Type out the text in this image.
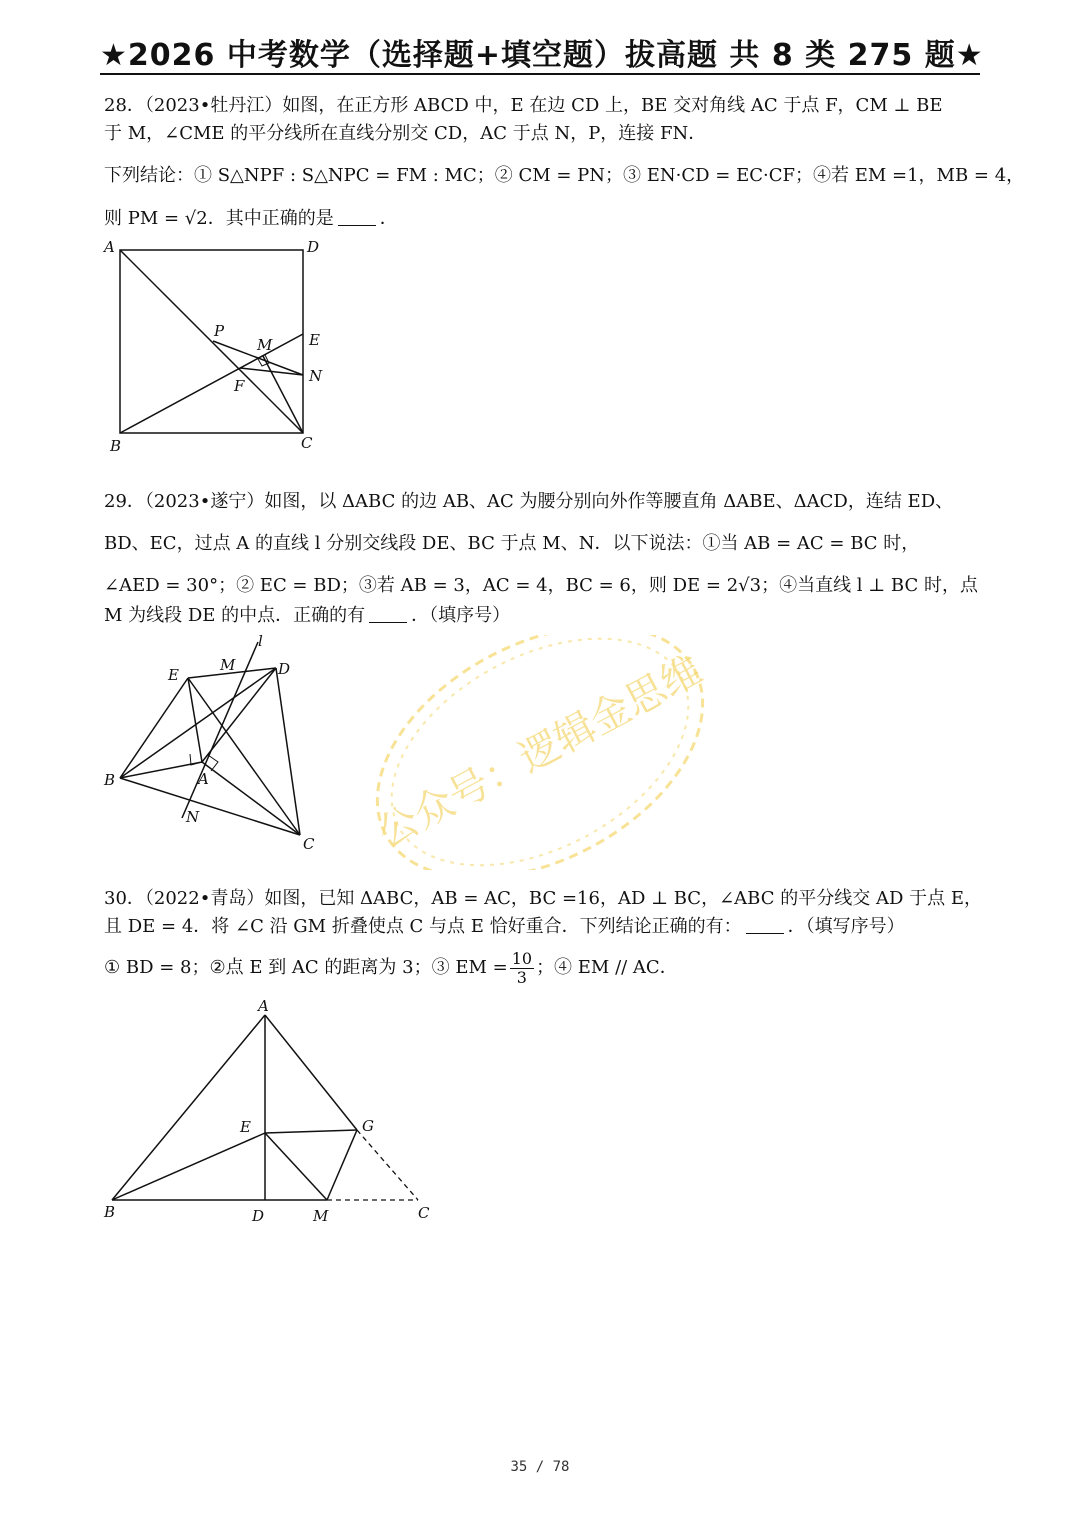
★2026 中考数学（选择题+填空题）拔高题 共 8 类 275 题★
28．（2023•牡丹江）如图，在正方形 ABCD 中，E 在边 CD 上，BE 交对角线 AC 于点 F，CM ⊥ BE
于 M，∠CME 的平分线所在直线分别交 CD，AC 于点 N，P，连接 FN．
下列结论：① S△NPF : S△NPC = FM : MC；② CM = PN；③ EN·CD = EC·CF；④若 EM =1，MB = 4，
则 PM = √2．其中正确的是	．
A	D
P
M E
N
F
B	C
29．（2023•遂宁）如图，以 ΔABC 的边 AB、AC 为腰分别向外作等腰直角 ΔABE、ΔACD，连结 ED、
BD、EC，过点 A 的直线 l 分别交线段 DE、BC 于点 M、N．以下说法：①当 AB = AC = BC 时，
∠AED = 30°；② EC = BD；③若 AB = 3，AC = 4，BC = 6，则 DE = 2√3；④当直线 l ⊥ BC 时，点
M 为线段 DE 的中点．正确的有	．（填序号）
l
E
M	D
B	A
N
C 公众号：逻辑金思维
30．（2022•青岛）如图，已知 ΔABC，AB = AC，BC =16，AD ⊥ BC，∠ABC 的平分线交 AD 于点 E，
且 DE = 4．将 ∠C 沿 GM 折叠使点 C 与点 E 恰好重合．下列结论正确的有：	．（填写序号）
① BD = 8；②点 E 到 AC 的距离为 3；③ EM = $\frac{10}{3}$ ；④ EM // AC．
A
E	G
B	D	M	C
35 / 78
